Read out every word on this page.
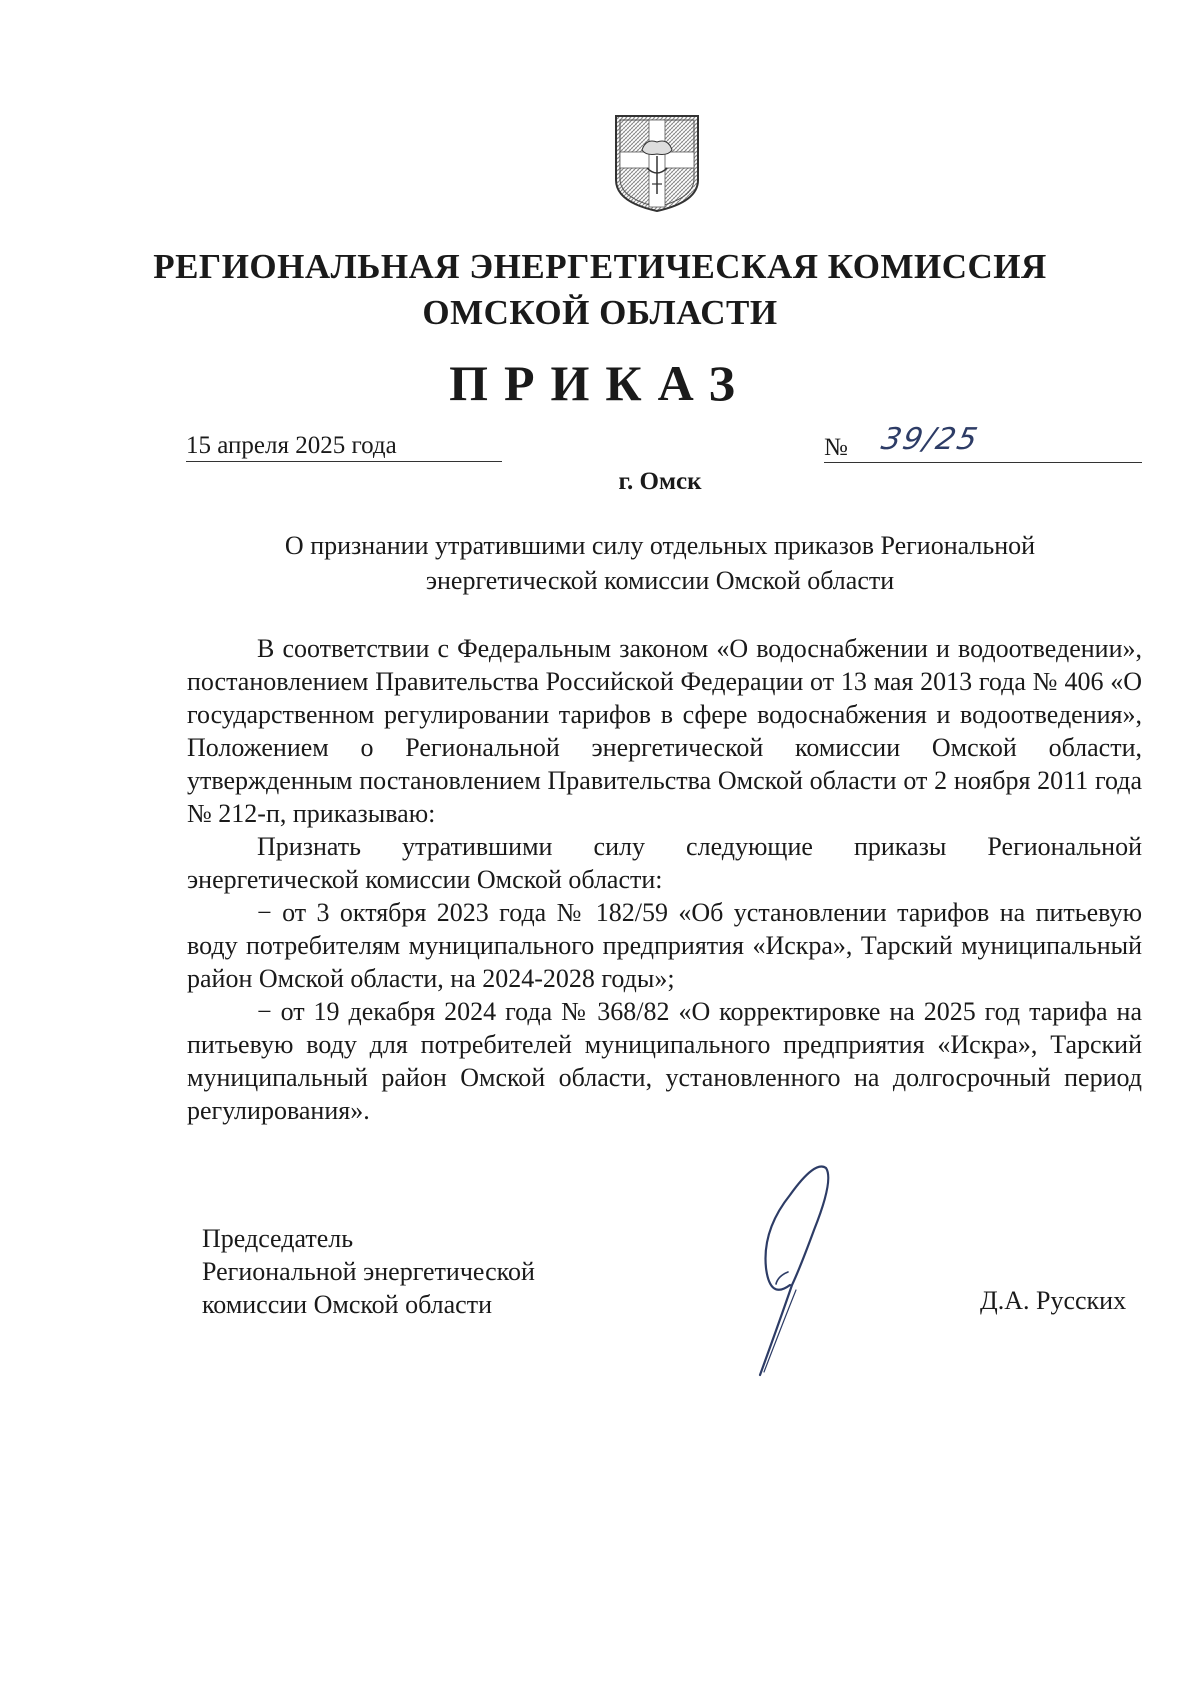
РЕГИОНАЛЬНАЯ ЭНЕРГЕТИЧЕСКАЯ КОМИССИЯ
ОМСКОЙ ОБЛАСТИ
ПРИКАЗ
15 апреля 2025 года	№ 39/25
г. Омск
О признании утратившими силу отдельных приказов Региональной
энергетической комиссии Омской области

В соответствии с Федеральным законом «О водоснабжении и водоотведении», постановлением Правительства Российской Федерации от 13 мая 2013 года № 406 «О государственном регулировании тарифов в сфере водоснабжения и водоотведения», Положением о Региональной энергетической комиссии Омской области, утвержденным постановлением Правительства Омской области от 2 ноября 2011 года № 212-п, приказываю:

Признать утратившими силу следующие приказы Региональной энергетической комиссии Омской области:

− от 3 октября 2023 года № 182/59 «Об установлении тарифов на питьевую воду потребителям муниципального предприятия «Искра», Тарский муниципальный район Омской области, на 2024-2028 годы»;

− от 19 декабря 2024 года № 368/82 «О корректировке на 2025 год тарифа на питьевую воду для потребителей муниципального предприятия «Искра», Тарский муниципальный район Омской области, установленного на долгосрочный период регулирования».

Председатель
Региональной энергетической
комиссии Омской области	Д.А. Русских
